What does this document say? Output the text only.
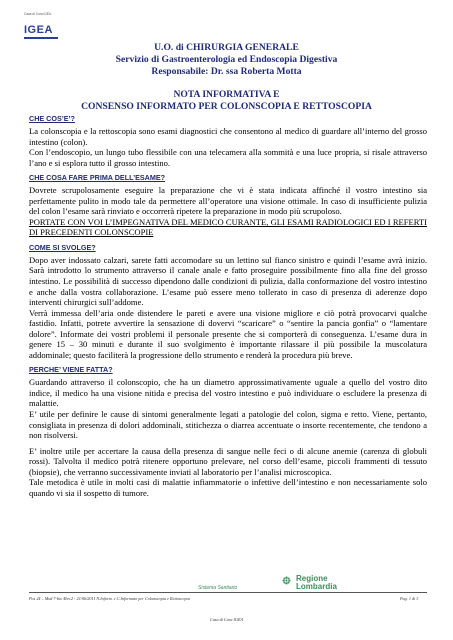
Casa di Cura IGEA
IGEA
U.O. di CHIRURGIA GENERALE
Servizio di Gastroenterologia ed Endoscopia Digestiva
Responsabile: Dr. ssa Roberta Motta
NOTA INFORMATIVA E
CONSENSO INFORMATO PER COLONSCOPIA E RETTOSCOPIA

CHE COS’E’?

La colonscopia e la rettoscopia sono esami diagnostici che consentono al medico di guardare all’interno del grosso intestino (colon).

Con l’endoscopio, un lungo tubo flessibile con una telecamera alla sommità e una luce propria, si risale attraverso l’ano e si esplora tutto il grosso intestino.

CHE COSA FARE PRIMA DELL’ESAME?

Dovrete scrupolosamente eseguire la preparazione che vi è stata indicata affinché il vostro intestino sia perfettamente pulito in modo tale da permettere all’operatore una visione ottimale. In caso di insufficiente pulizia del colon l’esame sarà rinviato e occorrerà ripetere la preparazione in modo più scrupoloso.

PORTATE CON VOI L’IMPEGNATIVA DEL MEDICO CURANTE, GLI ESAMI RADIOLOGICI ED I REFERTI DI PRECEDENTI COLONSCOPIE

COME SI SVOLGE?

Dopo aver indossato calzari, sarete fatti accomodare su un lettino sul fianco sinistro e quindi l’esame avrà inizio. Sarà introdotto lo strumento attraverso il canale anale e fatto proseguire possibilmente fino alla fine del grosso intestino. Le possibilità di successo dipendono dalle condizioni di pulizia, dalla conformazione del vostro intestino e anche dalla vostra collaborazione. L’esame può essere meno tollerato in caso di presenza di aderenze dopo interventi chirurgici sull’addome.

Verrà immessa dell’aria onde distendere le pareti e avere una visione migliore e ciò potrà provocarvi qualche fastidio. Infatti, potrete avvertire la sensazione di dovervi “scaricare” o “sentire la pancia gonfia” o “lamentare dolore”. Informate dei vostri problemi il personale presente che si comporterà di conseguenza. L’esame dura in genere 15 – 30 minuti e durante il suo svolgimento è importante rilassare il più possibile la muscolatura addominale; questo faciliterà la progressione dello strumento e renderà la procedura più breve.

PERCHE’ VIENE FATTA?

Guardando attraverso il colonscopio, che ha un diametro approssimativamente uguale a quello del vostro dito indice, il medico ha una visione nitida e precisa del vostro intestino e può individuare o escludere la presenza di malattie.

E’ utile per definire le cause di sintomi generalmente legati a patologie del colon, sigma e retto. Viene, pertanto, consigliata in presenza di dolori addominali, stitichezza o diarrea accentuate o insorte recentemente, che tendono a non risolversi.

E’ inoltre utile per accertare la causa della presenza di sangue nelle feci o di alcune anemie (carenza di globuli rossi). Talvolta il medico potrà ritenere opportuno prelevare, nel corso dell’esame, piccoli frammenti di tessuto (biopsie), che verranno successivamente inviati al laboratorio per l’analisi microscopica.

Tale metodica è utile in molti casi di malattie infiammatorie o infettive dell’intestino e non necessariamente solo quando vi sia il sospetto di tumore.

Sistema Sanitario
Regione
Lombardia
Pos 24 – Mod 7-bis /Rev.2 - 21/06/2011 N.Inform. e C.Informato per Colonscopia e Rettoscopia	Pag. 1 di 3
Casa di Cura IGEA
